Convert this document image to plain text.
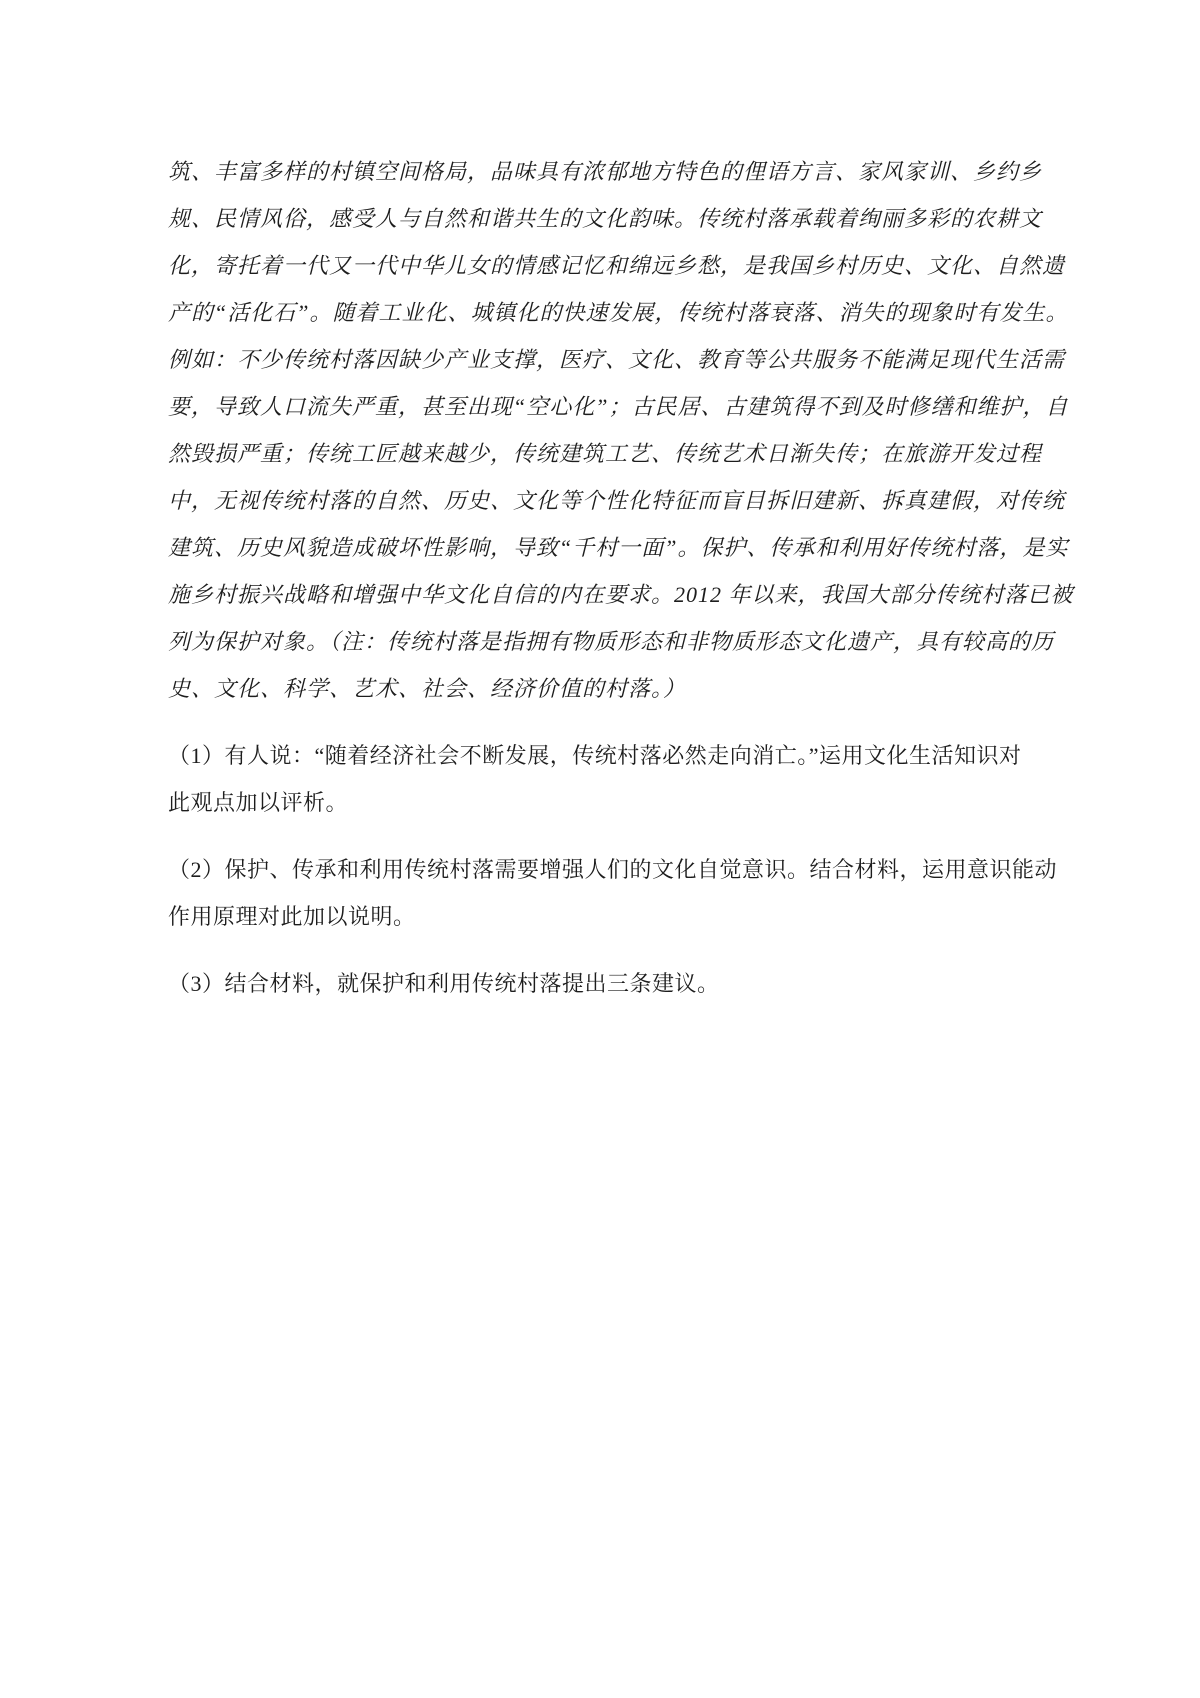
筑、丰富多样的村镇空间格局，品味具有浓郁地方特色的俚语方言、家风家训、乡约乡
规、民情风俗，感受人与自然和谐共生的文化韵味。传统村落承载着绚丽多彩的农耕文
化，寄托着一代又一代中华儿女的情感记忆和绵远乡愁，是我国乡村历史、文化、自然遗
产的“活化石”。随着工业化、城镇化的快速发展，传统村落衰落、消失的现象时有发生。
例如：不少传统村落因缺少产业支撑，医疗、文化、教育等公共服务不能满足现代生活需
要，导致人口流失严重，甚至出现“空心化”；古民居、古建筑得不到及时修缮和维护，自
然毁损严重；传统工匠越来越少，传统建筑工艺、传统艺术日渐失传；在旅游开发过程
中，无视传统村落的自然、历史、文化等个性化特征而盲目拆旧建新、拆真建假，对传统
建筑、历史风貌造成破坏性影响，导致“千村一面”。保护、传承和利用好传统村落，是实
施乡村振兴战略和增强中华文化自信的内在要求。2012 年以来，我国大部分传统村落已被
列为保护对象。（注：传统村落是指拥有物质形态和非物质形态文化遗产，具有较高的历
史、文化、科学、艺术、社会、经济价值的村落。）
（1）有人说：“随着经济社会不断发展，传统村落必然走向消亡。”运用文化生活知识对
此观点加以评析。
（2）保护、传承和利用传统村落需要增强人们的文化自觉意识。结合材料，运用意识能动
作用原理对此加以说明。
（3）结合材料，就保护和利用传统村落提出三条建议。
